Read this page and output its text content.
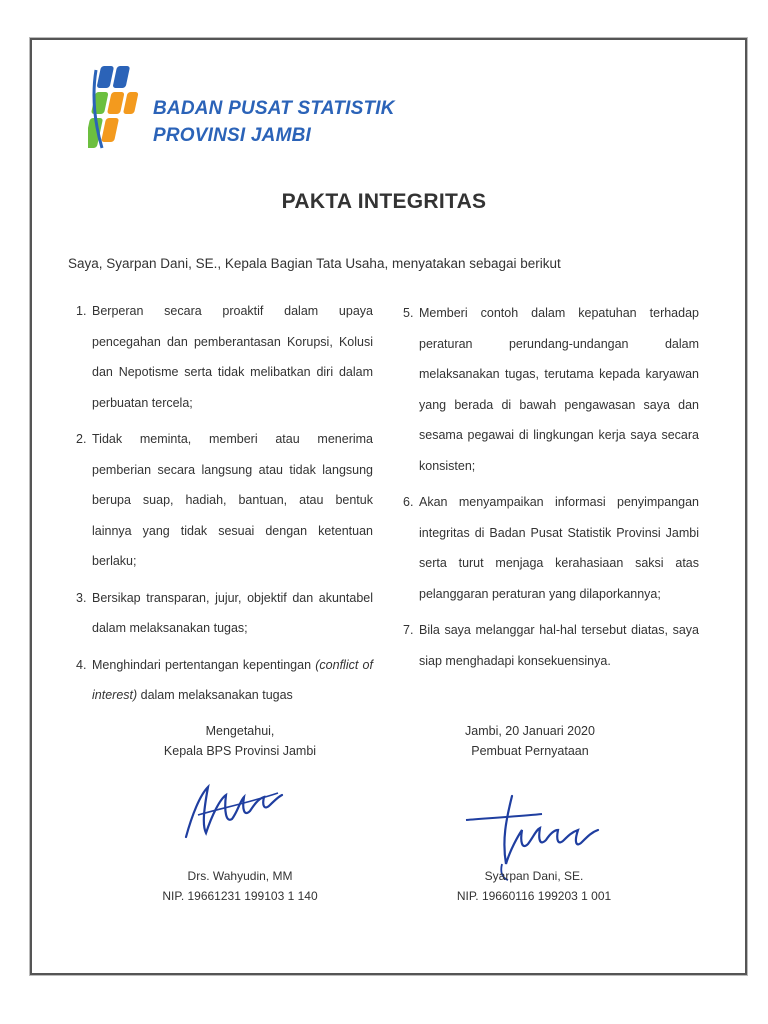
BADAN PUSAT STATISTIK
PROVINSI JAMBI
PAKTA INTEGRITAS
Saya, Syarpan Dani, SE., Kepala Bagian Tata Usaha, menyatakan sebagai berikut
1. Berperan secara proaktif dalam upaya pencegahan dan pemberantasan Korupsi, Kolusi dan Nepotisme serta tidak melibatkan diri dalam perbuatan tercela;
2. Tidak meminta, memberi atau menerima pemberian secara langsung atau tidak langsung berupa suap, hadiah, bantuan, atau bentuk lainnya yang tidak sesuai dengan ketentuan berlaku;
3. Bersikap transparan, jujur, objektif dan akuntabel dalam melaksanakan tugas;
4. Menghindari pertentangan kepentingan (conflict of interest) dalam melaksanakan tugas
5. Memberi contoh dalam kepatuhan terhadap peraturan perundang-undangan dalam melaksanakan tugas, terutama kepada karyawan yang berada di bawah pengawasan saya dan sesama pegawai di lingkungan kerja saya secara konsisten;
6. Akan menyampaikan informasi penyimpangan integritas di Badan Pusat Statistik Provinsi Jambi serta turut menjaga kerahasiaan saksi atas pelanggaran peraturan yang dilaporkannya;
7. Bila saya melanggar hal-hal tersebut diatas, saya siap menghadapi konsekuensinya.
Mengetahui,
Kepala BPS Provinsi Jambi
Drs. Wahyudin, MM
NIP. 19661231 199103 1 140
Jambi, 20 Januari 2020
Pembuat Pernyataan
Syarpan Dani, SE.
NIP. 19660116 199203 1 001
